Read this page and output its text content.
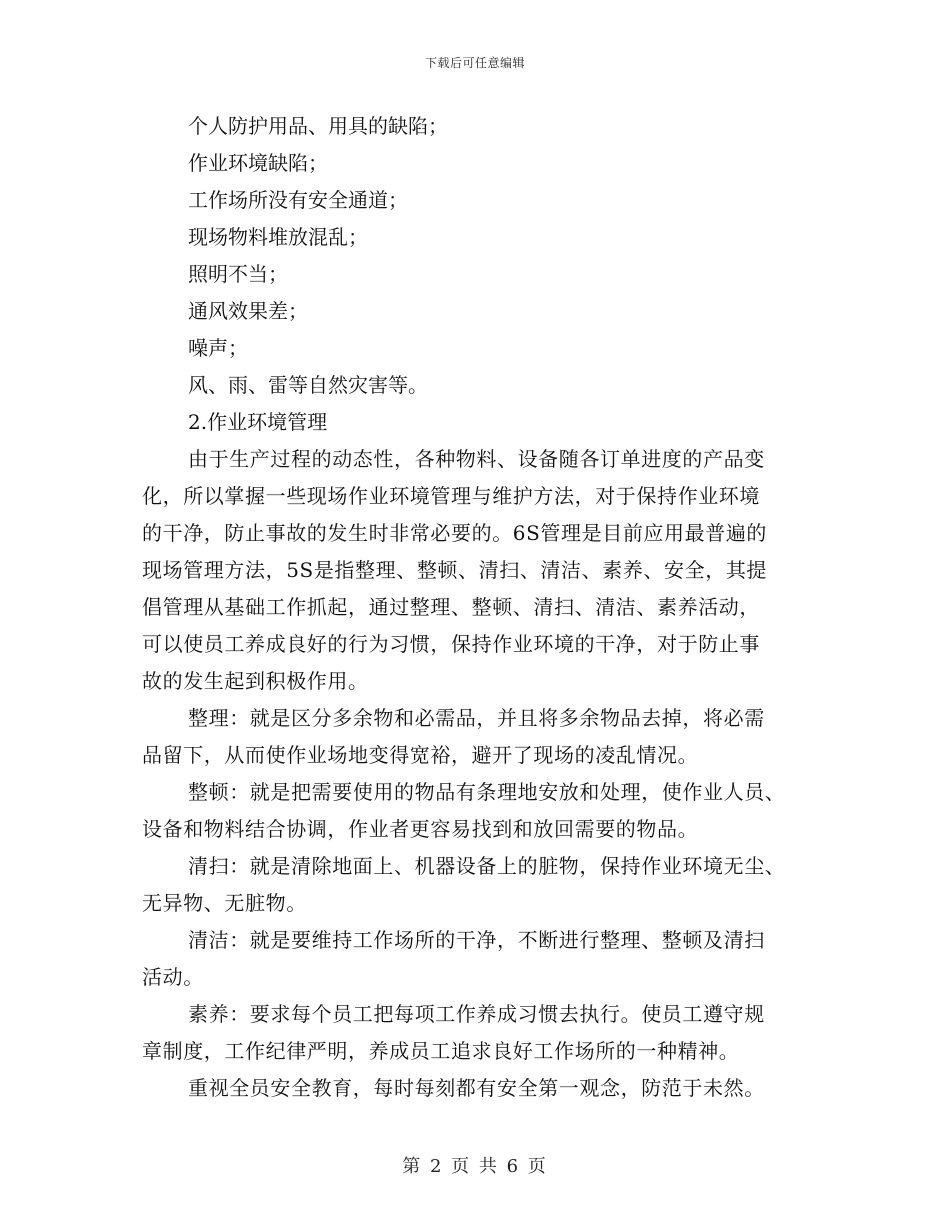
下载后可任意编辑

个人防护用品、用具的缺陷；

作业环境缺陷；

工作场所没有安全通道；

现场物料堆放混乱；

照明不当；

通风效果差；

噪声；

风、雨、雷等自然灾害等。

2.作业环境管理

由于生产过程的动态性，各种物料、设备随各订单进度的产品变

化，所以掌握一些现场作业环境管理与维护方法，对于保持作业环境

的干净，防止事故的发生时非常必要的。6S管理是目前应用最普遍的

现场管理方法，5S是指整理、整顿、清扫、清洁、素养、安全，其提

倡管理从基础工作抓起，通过整理、整顿、清扫、清洁、素养活动，

可以使员工养成良好的行为习惯，保持作业环境的干净，对于防止事

故的发生起到积极作用。

整理：就是区分多余物和必需品，并且将多余物品去掉，将必需

品留下，从而使作业场地变得宽裕，避开了现场的凌乱情况。

整顿：就是把需要使用的物品有条理地安放和处理，使作业人员、

设备和物料结合协调，作业者更容易找到和放回需要的物品。

清扫：就是清除地面上、机器设备上的脏物，保持作业环境无尘、

无异物、无脏物。

清洁：就是要维持工作场所的干净，不断进行整理、整顿及清扫

活动。

素养：要求每个员工把每项工作养成习惯去执行。使员工遵守规

章制度，工作纪律严明，养成员工追求良好工作场所的一种精神。

重视全员安全教育，每时每刻都有安全第一观念，防范于未然。

第 2 页 共 6 页
